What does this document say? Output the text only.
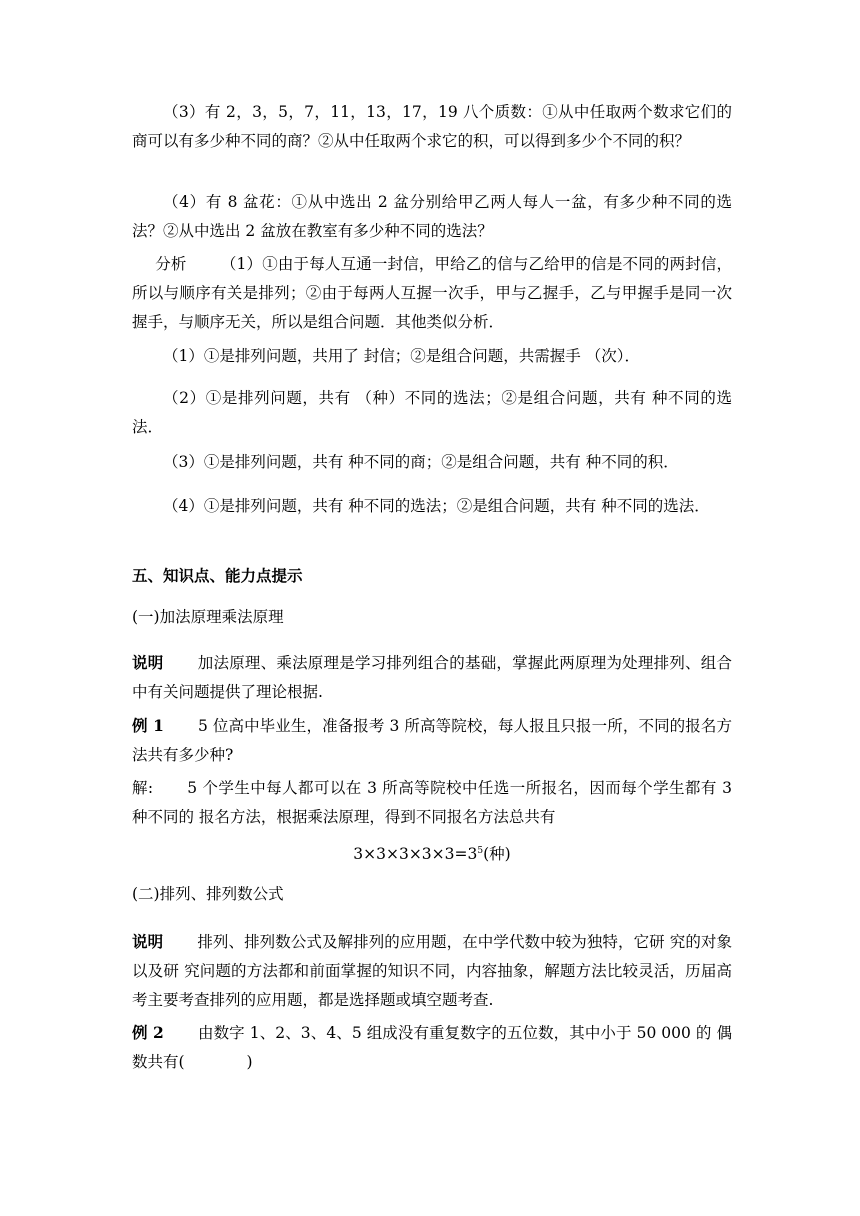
（3）有 2，3，5，7，11，13，17，19 八个质数：①从中任取两个数求它们的商可以有多少种不同的商？②从中任取两个求它的积，可以得到多少个不同的积？

（4）有 8 盆花：①从中选出 2 盆分别给甲乙两人每人一盆，有多少种不同的选法？②从中选出 2 盆放在教室有多少种不同的选法？

分析 （1）①由于每人互通一封信，甲给乙的信与乙给甲的信是不同的两封信，所以与顺序有关是排列；②由于每两人互握一次手，甲与乙握手，乙与甲握手是同一次握手，与顺序无关，所以是组合问题．其他类似分析．

（1）①是排列问题，共用了 封信；②是组合问题，共需握手 （次）．

（2）①是排列问题，共有 （种）不同的选法；②是组合问题，共有 种不同的选法．

（3）①是排列问题，共有 种不同的商；②是组合问题，共有 种不同的积．

（4）①是排列问题，共有 种不同的选法；②是组合问题，共有 种不同的选法．

五、知识点、能力点提示

(一)加法原理乘法原理

说明 加法原理、乘法原理是学习排列组合的基础，掌握此两原理为处理排列、组合中有关问题提供了理论根据.

例 1 5 位高中毕业生，准备报考 3 所高等院校，每人报且只报一所，不同的报名方法共有多少种?

解: 5 个学生中每人都可以在 3 所高等院校中任选一所报名，因而每个学生都有 3 种不同的 报名方法，根据乘法原理，得到不同报名方法总共有

$3\times 3\times 3\times 3\times 3=3^5$(种)

(二)排列、排列数公式

说明 排列、排列数公式及解排列的应用题，在中学代数中较为独特，它研 究的对象以及研 究问题的方法都和前面掌握的知识不同，内容抽象，解题方法比较灵活，历届高考主要考查排列的应用题，都是选择题或填空题考查.

例 2 由数字 1、2、3、4、5 组成没有重复数字的五位数，其中小于 50 000 的 偶数共有(　　　　)
